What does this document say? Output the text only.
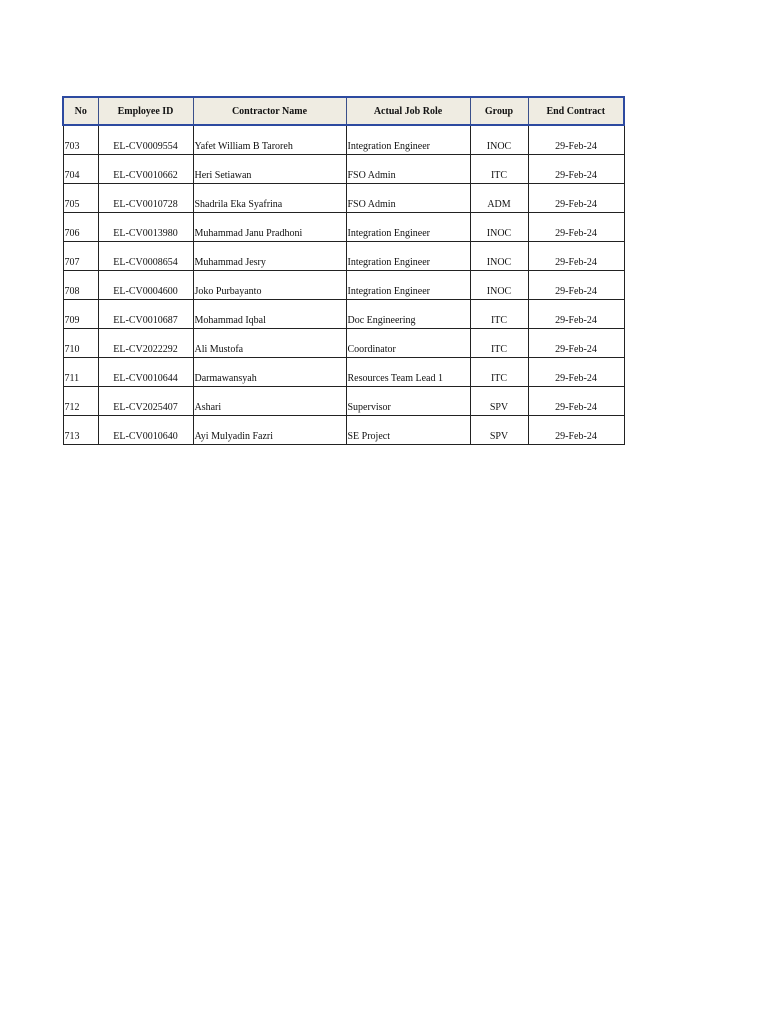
No	Employee ID	Contractor Name	Actual Job Role	Group	End Contract
703	EL-CV0009554	Yafet William B Taroreh	Integration Engineer	INOC	29-Feb-24
704	EL-CV0010662	Heri Setiawan	FSO Admin	ITC	29-Feb-24
705	EL-CV0010728	Shadrila Eka Syafrina	FSO Admin	ADM	29-Feb-24
706	EL-CV0013980	Muhammad Janu Pradhoni	Integration Engineer	INOC	29-Feb-24
707	EL-CV0008654	Muhammad Jesry	Integration Engineer	INOC	29-Feb-24
708	EL-CV0004600	Joko Purbayanto	Integration Engineer	INOC	29-Feb-24
709	EL-CV0010687	Mohammad Iqbal	Doc Engineering	ITC	29-Feb-24
710	EL-CV2022292	Ali Mustofa	Coordinator	ITC	29-Feb-24
711	EL-CV0010644	Darmawansyah	Resources Team Lead 1	ITC	29-Feb-24
712	EL-CV2025407	Ashari	Supervisor	SPV	29-Feb-24
713	EL-CV0010640	Ayi Mulyadin Fazri	SE Project	SPV	29-Feb-24
